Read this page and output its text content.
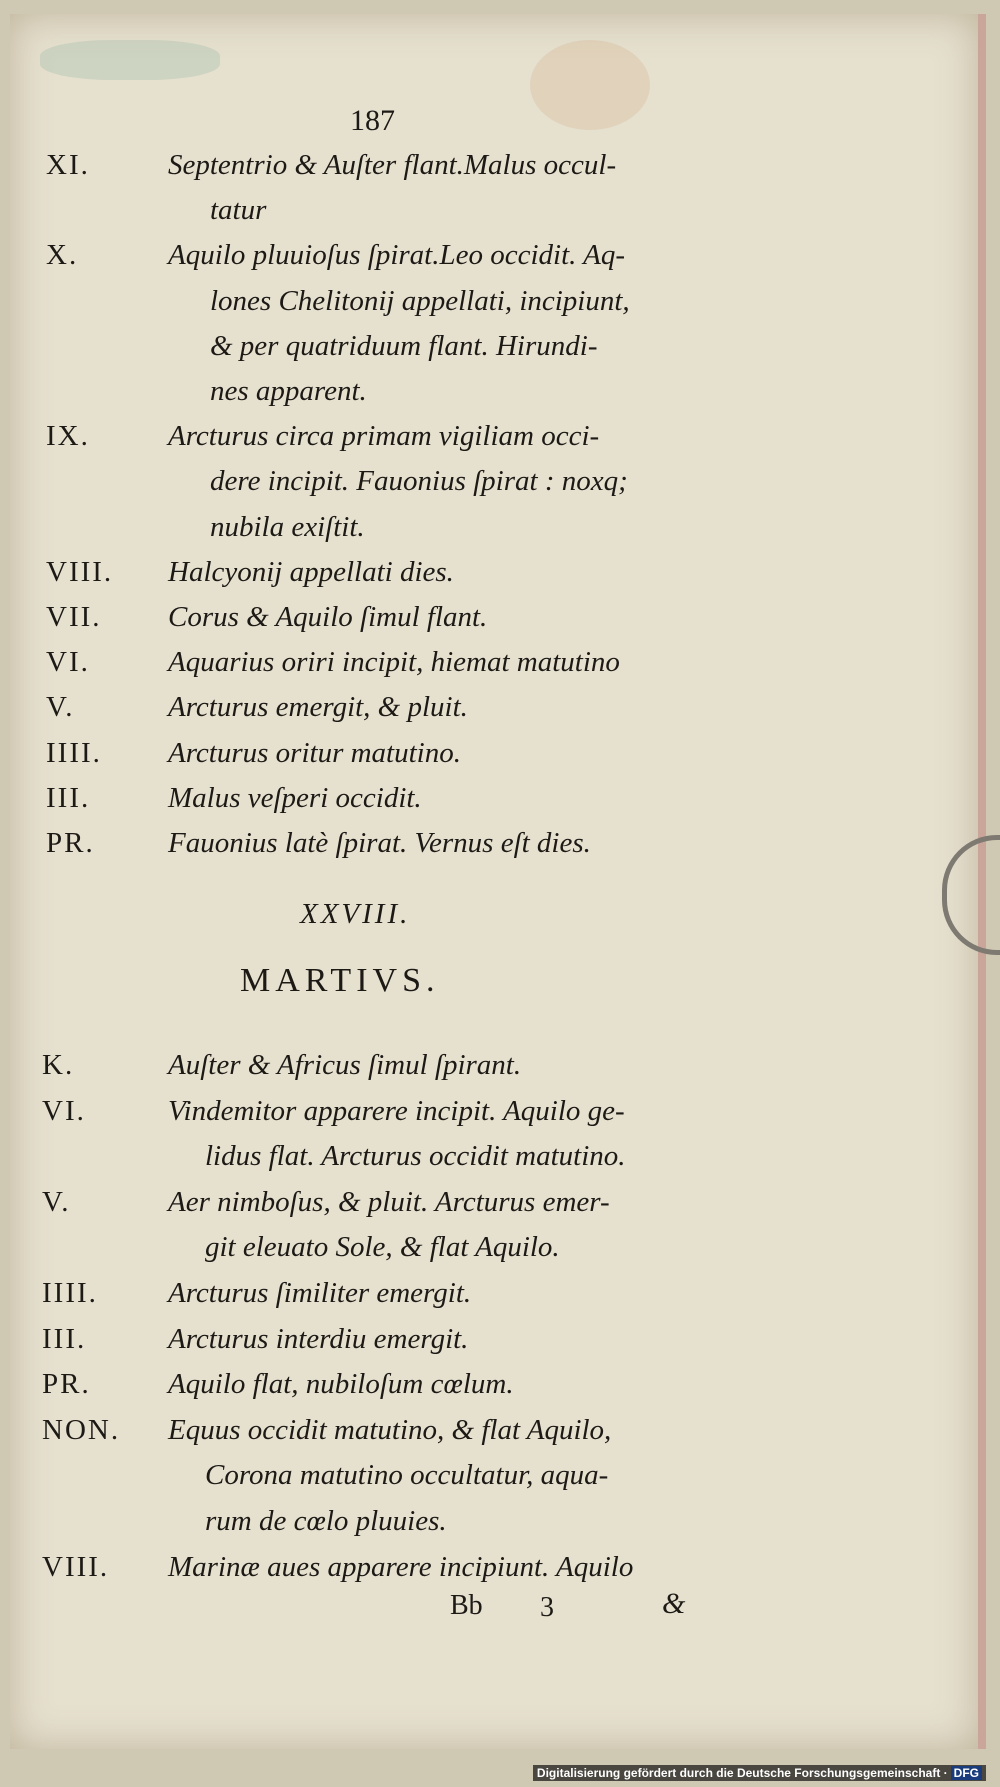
187
XI.	Septentrio & Auſter flant.Malus occul-
tatur
X.	Aquilo pluuioſus ſpirat.Leo occidit. Aq-
lones Chelitonij appellati, incipiunt,
& per quatriduum flant. Hirundi-
nes apparent.
IX.	Arcturus circa primam vigiliam occi-
dere incipit. Fauonius ſpirat : noxq;
nubila exiſtit.
VIII. Halcyonij appellati dies.
VII. Corus & Aquilo ſimul flant.
VI.	Aquarius oriri incipit, hiemat matutino
V.	Arcturus emergit, & pluit.
IIII. Arcturus oritur matutino.
III.	Malus veſperi occidit.
PR.	Fauonius latè ſpirat. Vernus eſt dies.
XXVIII.
MARTIVS.
K.	Auſter & Africus ſimul ſpirant.
VI.	Vindemitor apparere incipit. Aquilo ge-
lidus flat. Arcturus occidit matutino.
V.	Aer nimboſus, & pluit. Arcturus emer-
git eleuato Sole, & flat Aquilo.
IIII. Arcturus ſimiliter emergit.
III.	Arcturus interdiu emergit.
PR.	Aquilo flat, nubiloſum cœlum.
NON. Equus occidit matutino, & flat Aquilo,
Corona matutino occultatur, aqua-
rum de cœlo pluuies.
VIII. Marinæ aues apparere incipiunt. Aquilo
Bb 3	&
Digitalisierung gefördert durch die Deutsche Forschungsgemeinschaft · DFG
